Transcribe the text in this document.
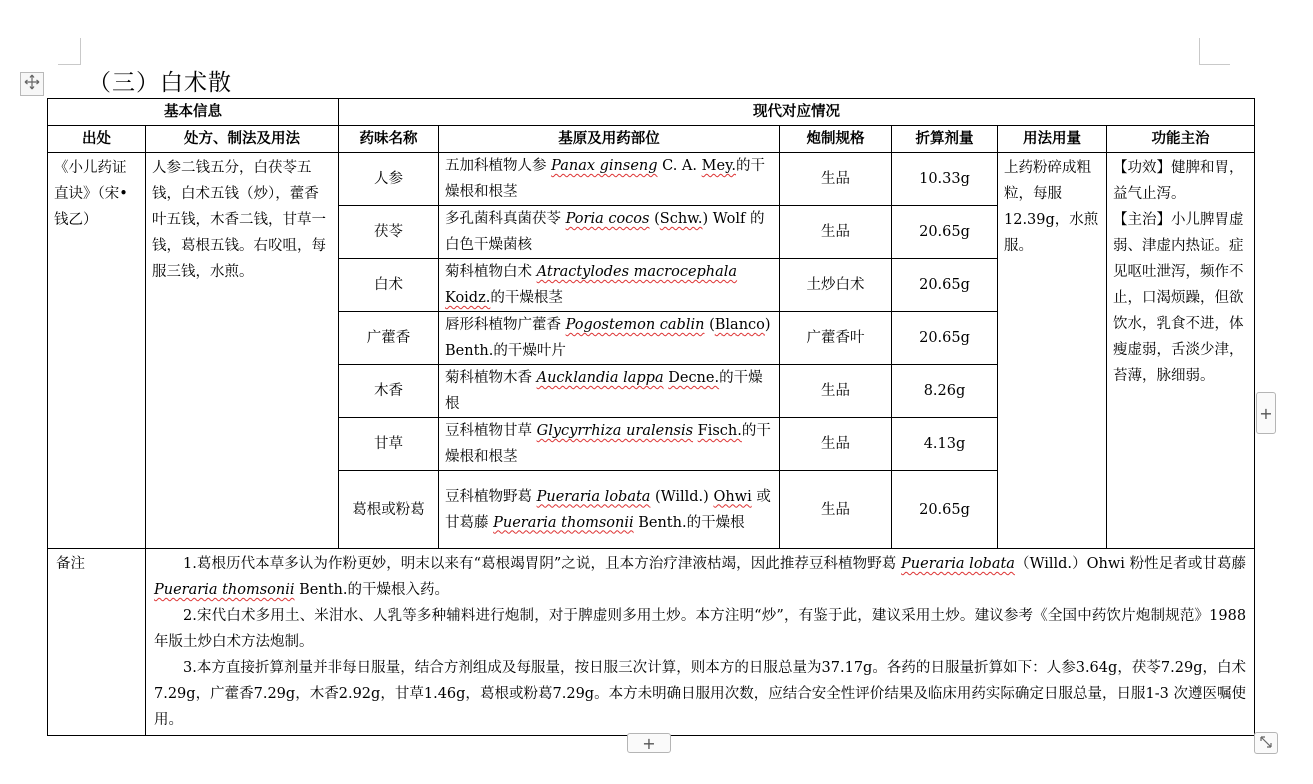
（三）白术散
基本信息		现代对应情况					
出处	处方、制法及用法	药味名称	基原及用药部位	炮制规格	折算剂量	用法用量	功能主治
《小儿药证直诀》（宋•钱乙）	人参二钱五分，白茯苓五钱，白术五钱（炒），藿香叶五钱，木香二钱，甘草一钱，葛根五钱。右㕮咀，每服三钱，水煎。	人参	五加科植物人参 Panax ginseng C. A. Mey.的干燥根和根茎	生品	10.33g	上药粉碎成粗粒，每服12.39g，水煎服。	【功效】健脾和胃，益气止泻。
【主治】小儿脾胃虚弱、津虚内热证。症见呕吐泄泻，频作不止，口渴烦躁，但欲饮水，乳食不进，体瘦虚弱，舌淡少津，苔薄，脉细弱。
		茯苓	多孔菌科真菌茯苓 Poria cocos (Schw.) Wolf 的白色干燥菌核	生品	20.65g		
		白术	菊科植物白术 Atractylodes macrocephala Koidz.的干燥根茎	土炒白术	20.65g		
		广藿香	唇形科植物广藿香 Pogostemon cablin (Blanco) Benth.的干燥叶片	广藿香叶	20.65g		
		木香	菊科植物木香 Aucklandia lappa Decne.的干燥根	生品	8.26g		
		甘草	豆科植物甘草 Glycyrrhiza uralensis Fisch.的干燥根和根茎	生品	4.13g		
		葛根或粉葛	豆科植物野葛 Pueraria lobata (Willd.) Ohwi 或甘葛藤 Pueraria thomsonii Benth.的干燥根	生品	20.65g		
备注	1.葛根历代本草多认为作粉更妙，明末以来有“葛根竭胃阴”之说，且本方治疗津液枯竭，因此推荐豆科植物野葛 Pueraria lobata（Willd.）Ohwi 粉性足者或甘葛藤 Pueraria thomsonii Benth.的干燥根入药。

2.宋代白术多用土、米泔水、人乳等多种辅料进行炮制，对于脾虚则多用土炒。本方注明“炒”，有鉴于此，建议采用土炒。建议参考《全国中药饮片炮制规范》1988 年版土炒白术方法炮制。

3.本方直接折算剂量并非每日服量，结合方剂组成及每服量，按日服三次计算，则本方的日服总量为37.17g。各药的日服量折算如下：人参3.64g，茯苓7.29g，白术7.29g，广藿香7.29g，木香2.92g，甘草1.46g，葛根或粉葛7.29g。本方未明确日服用次数，应结合安全性评价结果及临床用药实际确定日服总量，日服1-3 次遵医嘱使用。						

+
+
